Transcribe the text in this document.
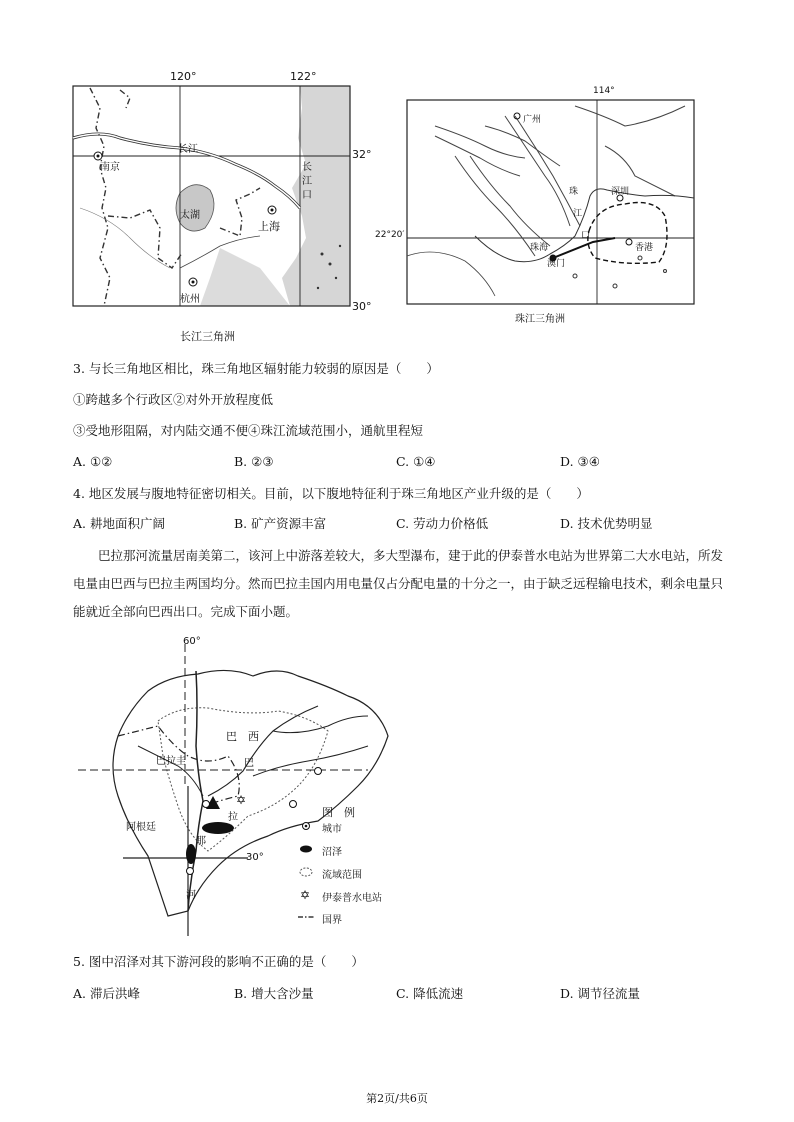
120°	122°
32°
30°
南京
长江
太湖
上海
杭州
长
江
口
长江三角洲
114°
22°20′
广州
深圳
珠海
澳门
香港
珠
江
口
珠江三角洲
3. 与长三角地区相比，珠三角地区辐射能力较弱的原因是（　　）
①跨越多个行政区②对外开放程度低
③受地形阻隔，对内陆交通不便④珠江流域范围小，通航里程短
A. ①②	B. ②③	C. ①④	D. ③④
4. 地区发展与腹地特征密切相关。目前，以下腹地特征利于珠三角地区产业升级的是（　　）
A. 耕地面积广阔	B. 矿产资源丰富	C. 劳动力价格低	D. 技术优势明显
巴拉那河流量居南美第二，该河上中游落差较大，多大型瀑布，建于此的伊泰普水电站为世界第二大水电站，所发电量由巴西与巴拉圭两国均分。然而巴拉圭国内用电量仅占分配电量的十分之一，由于缺乏远程输电技术，剩余电量只能就近全部向巴西出口。完成下面小题。
✡
✡
60°
30°
巴　西
巴拉圭
阿根廷
巴
拉
那
河
图　例
城市
沼泽
流域范围
伊泰普水电站
国界
5. 图中沼泽对其下游河段的影响不正确的是（　　）
A. 滞后洪峰	B. 增大含沙量	C. 降低流速	D. 调节径流量
第2页/共6页
